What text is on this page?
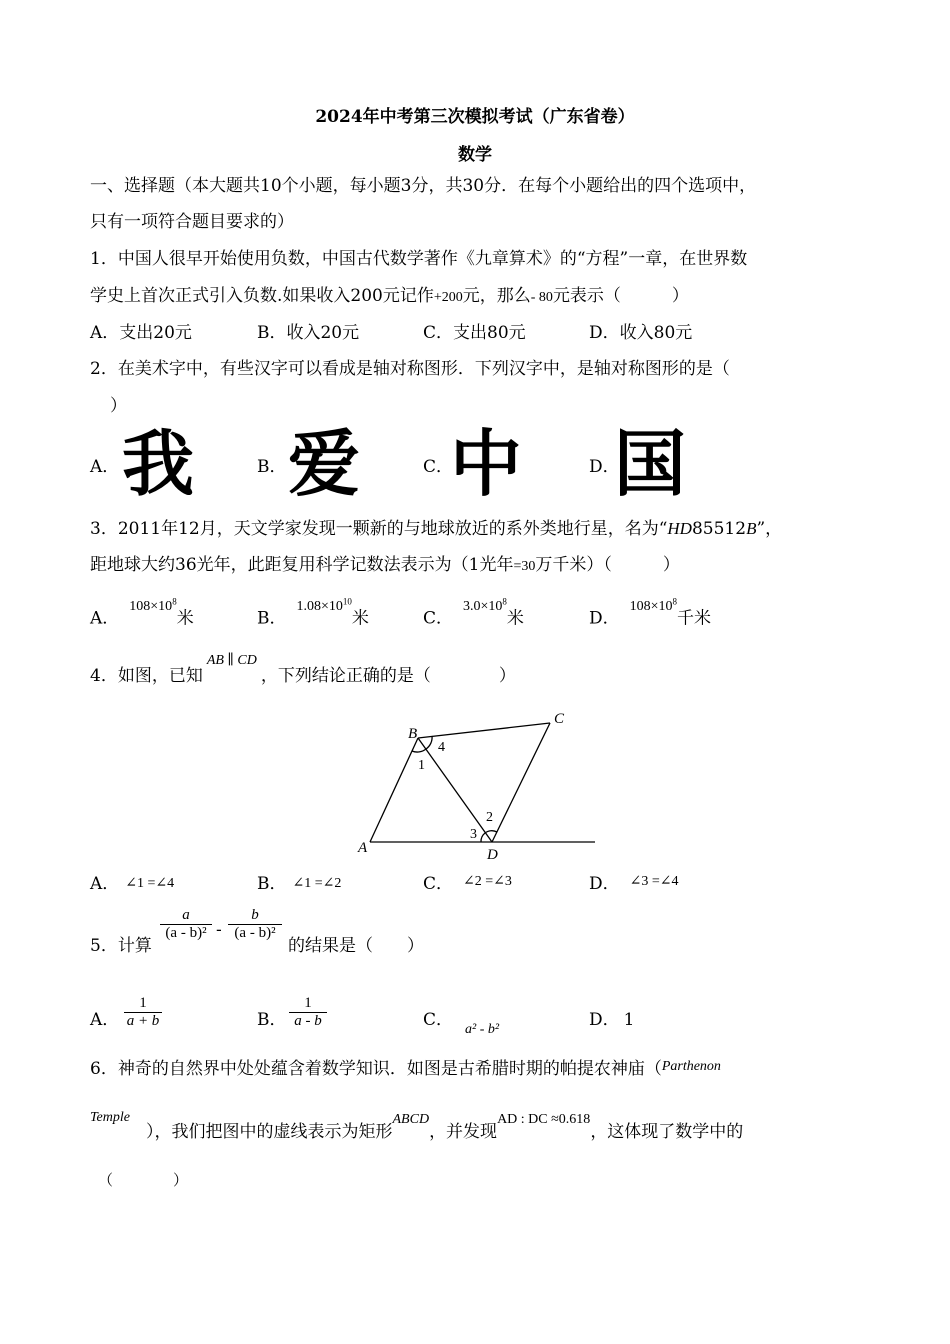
2024年中考第三次模拟考试（广东省卷）
数学
一、选择题（本大题共10个小题，每小题3分，共30分．在每个小题给出的四个选项中，
只有一项符合题目要求的）
1．中国人很早开始使用负数，中国古代数学著作《九章算术》的“方程”一章，在世界数
学史上首次正式引入负数.如果收入200元记作+200元，那么- 80元表示（　　　）
A．支出20元	B．收入20元	C．支出80元	D．收入80元
2．在美术字中，有些汉字可以看成是轴对称图形．下列汉字中，是轴对称图形的是（
）
A． 我	B． 爱	C．
中	D．
国
3．2011年12月，天文学家发现一颗新的与地球放近的系外类地行星，名为“HD85512B”，
距地球大约36光年，此距复用科学记数法表示为（1光年=30万千米）（　　　）
A．$^{108\times 10^8}$米	B．$^{1.08\times 10^{10}}$米	C．$^{3.0\times 10^8}$米	D．$^{108\times 10^8}$千米
4．如图，已知$^{AB \parallel CD}$，下列结论正确的是（　　　　）
A
B
C
D
1
2
3
4
A． ∠1 =∠4	B． ∠1 =∠2	C． $^{\angle 2 =\angle 3}$	D． $^{\angle 3 =\angle 4}$
5．计算
a
(a - b)² -
b
(a - b)²
的结果是（　　）
A．
1
a + b	B．
1
a - b	C． $_{a^2 - b^2}$	D． 1
6．神奇的自然界中处处蕴含着数学知识．如图是古希腊时期的帕提农神庙（$^{Parthenon}$
Temple
），我们把图中的虚线表示为矩形$^{ABCD}$，并发现$^{AD : DC \approx 0.618}$，这体现了数学中的
（　　　　）
